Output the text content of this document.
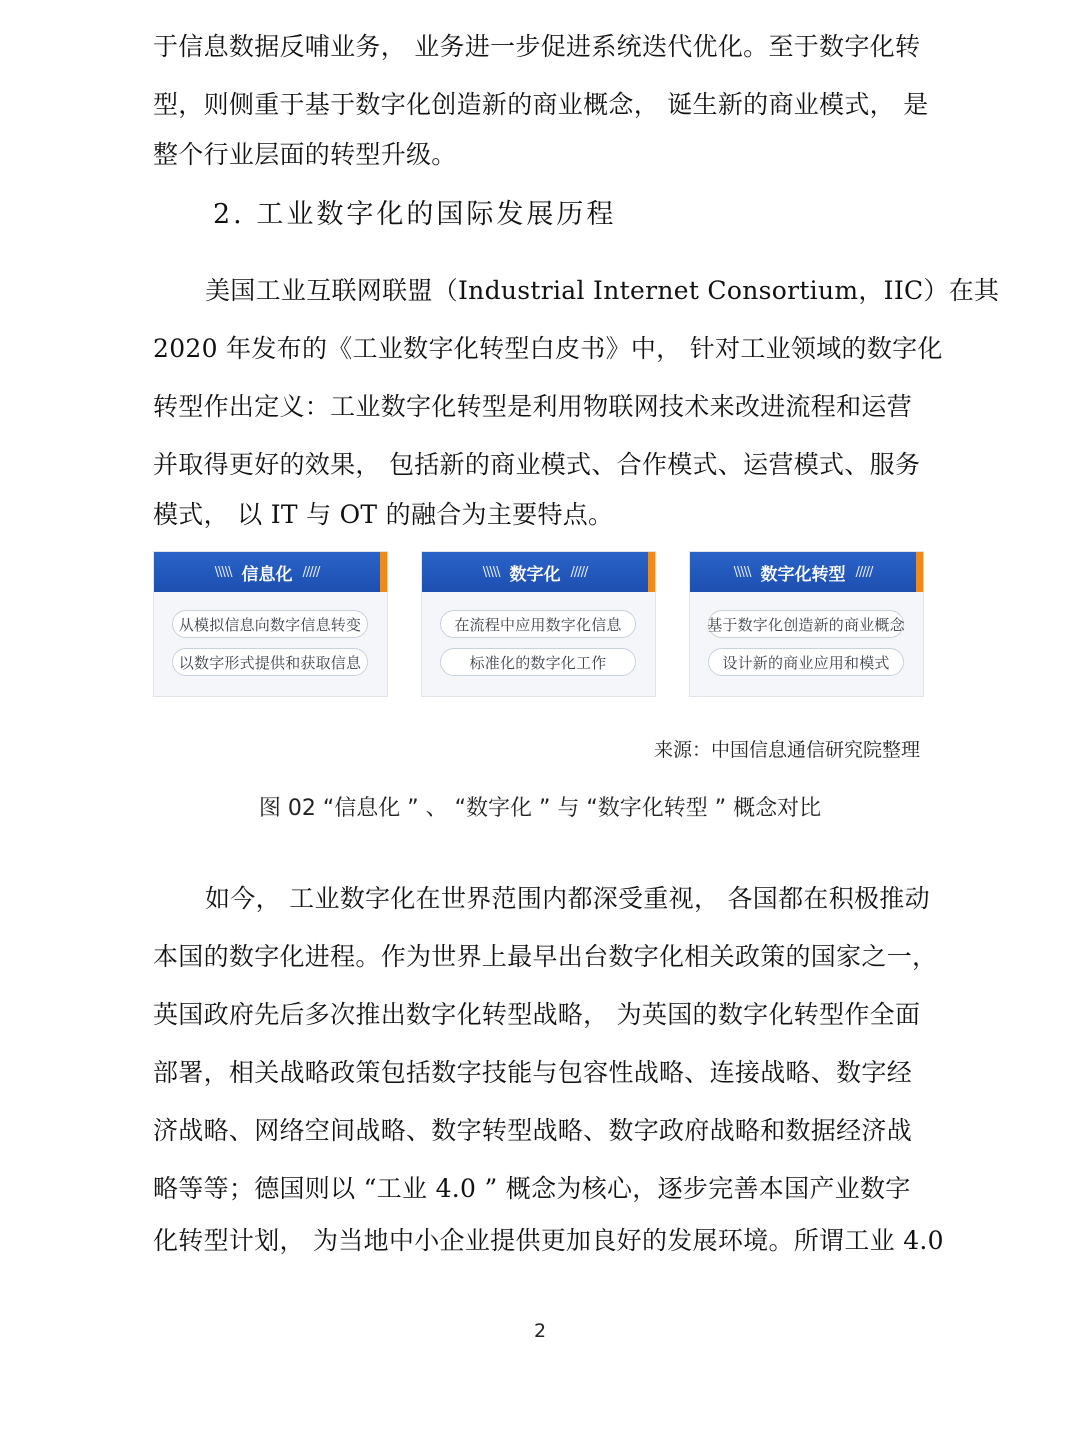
于信息数据反哺业务， 业务进一步促进系统迭代优化。至于数字化转
型，则侧重于基于数字化创造新的商业概念， 诞生新的商业模式， 是
整个行业层面的转型升级。
2. 工业数字化的国际发展历程
美国工业互联网联盟（Industrial Internet Consortium，IIC）在其
2020 年发布的《工业数字化转型白皮书》中， 针对工业领域的数字化
转型作出定义：工业数字化转型是利用物联网技术来改进流程和运营
并取得更好的效果， 包括新的商业模式、合作模式、运营模式、服务
模式， 以 IT 与 OT 的融合为主要特点。
\\\\\ 信息化 /////
从模拟信息向数字信息转变
以数字形式提供和获取信息
\\\\\ 数字化 /////
在流程中应用数字化信息
标准化的数字化工作
\\\\\ 数字化转型 /////
基于数字化创造新的商业概念
设计新的商业应用和模式
来源：中国信息通信研究院整理
图 02 “信息化 ” 、 “数字化 ” 与 “数字化转型 ” 概念对比
如今， 工业数字化在世界范围内都深受重视， 各国都在积极推动
本国的数字化进程。作为世界上最早出台数字化相关政策的国家之一，
英国政府先后多次推出数字化转型战略， 为英国的数字化转型作全面
部署，相关战略政策包括数字技能与包容性战略、连接战略、数字经
济战略、网络空间战略、数字转型战略、数字政府战略和数据经济战
略等等；德国则以 “工业 4.0 ” 概念为核心，逐步完善本国产业数字
化转型计划， 为当地中小企业提供更加良好的发展环境。所谓工业 4.0
2
